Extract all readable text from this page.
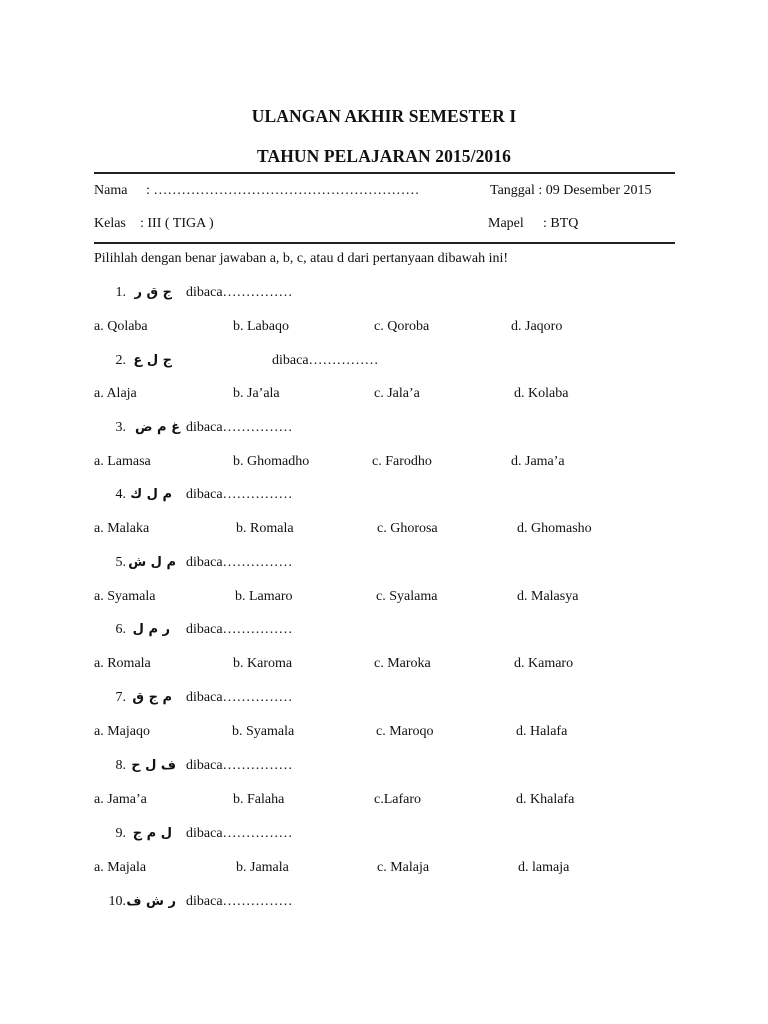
ULANGAN AKHIR SEMESTER I
TAHUN PELAJARAN 2015/2016
Nama : …………………………………………………	Tanggal : 09 Desember 2015
Kelas : III ( TIGA )	Mapel : BTQ
Pilihlah dengan benar jawaban a, b, c, atau d dari pertanyaan dibawah ini!
1. ج ق ر dibaca……………
a. Qolaba	b. Labaqo	c. Qoroba	d. Jaqoro
2. ج ل ع	dibaca……………
a. Alaja	b. Ja’ala	c. Jala’a	d. Kolaba
3. غ م ض dibaca……………
a. Lamasa	b. Ghomadho	c. Farodho	d. Jama’a
4. م ل ك dibaca……………
a. Malaka	b. Romala	c. Ghorosa	d. Ghomasho
5. م ل ش dibaca……………
a. Syamala	b. Lamaro	c. Syalama	d. Malasya
6. ر م ل dibaca……………
a. Romala	b. Karoma	c. Maroka	d. Kamaro
7. م ج ق dibaca……………
a. Majaqo	b. Syamala	c. Maroqo	d. Halafa
8. ف ل ح dibaca……………
a. Jama’a	b. Falaha	c.Lafaro	d. Khalafa
9. ل م ج dibaca……………
a. Majala	b. Jamala	c. Malaja	d. lamaja
10. ر ش ف dibaca……………
